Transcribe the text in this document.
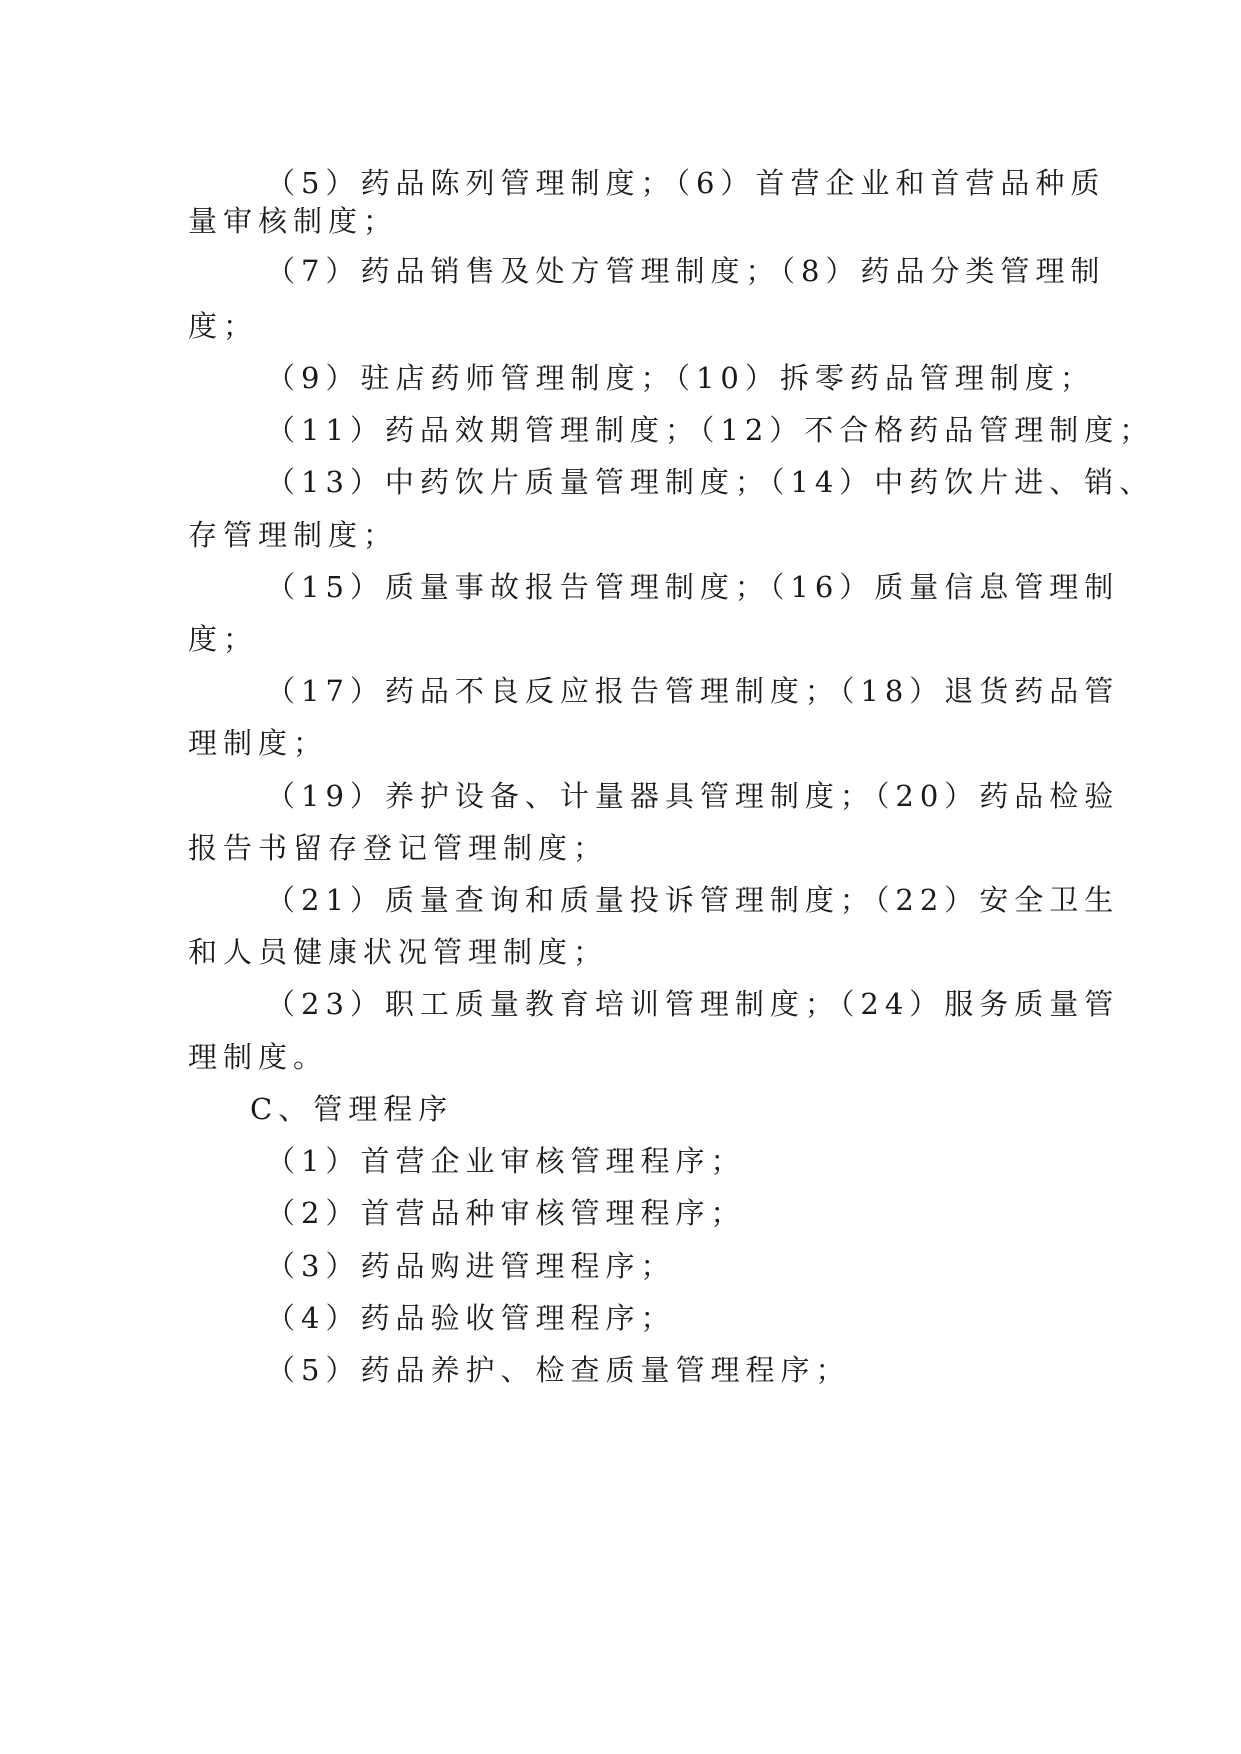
（5）药品陈列管理制度；（6）首营企业和首营品种质
量审核制度；
（7）药品销售及处方管理制度；（8）药品分类管理制
度；
（9）驻店药师管理制度；（10）拆零药品管理制度；
（11）药品效期管理制度；（12）不合格药品管理制度；
（13）中药饮片质量管理制度；（14）中药饮片进、销、
存管理制度；
（15）质量事故报告管理制度；（16）质量信息管理制
度；
（17）药品不良反应报告管理制度；（18）退货药品管
理制度；
（19）养护设备、计量器具管理制度；（20）药品检验
报告书留存登记管理制度；
（21）质量查询和质量投诉管理制度；（22）安全卫生
和人员健康状况管理制度；
（23）职工质量教育培训管理制度；（24）服务质量管
理制度。
C、管理程序
（1）首营企业审核管理程序；
（2）首营品种审核管理程序；
（3）药品购进管理程序；
（4）药品验收管理程序；
（5）药品养护、检查质量管理程序；
